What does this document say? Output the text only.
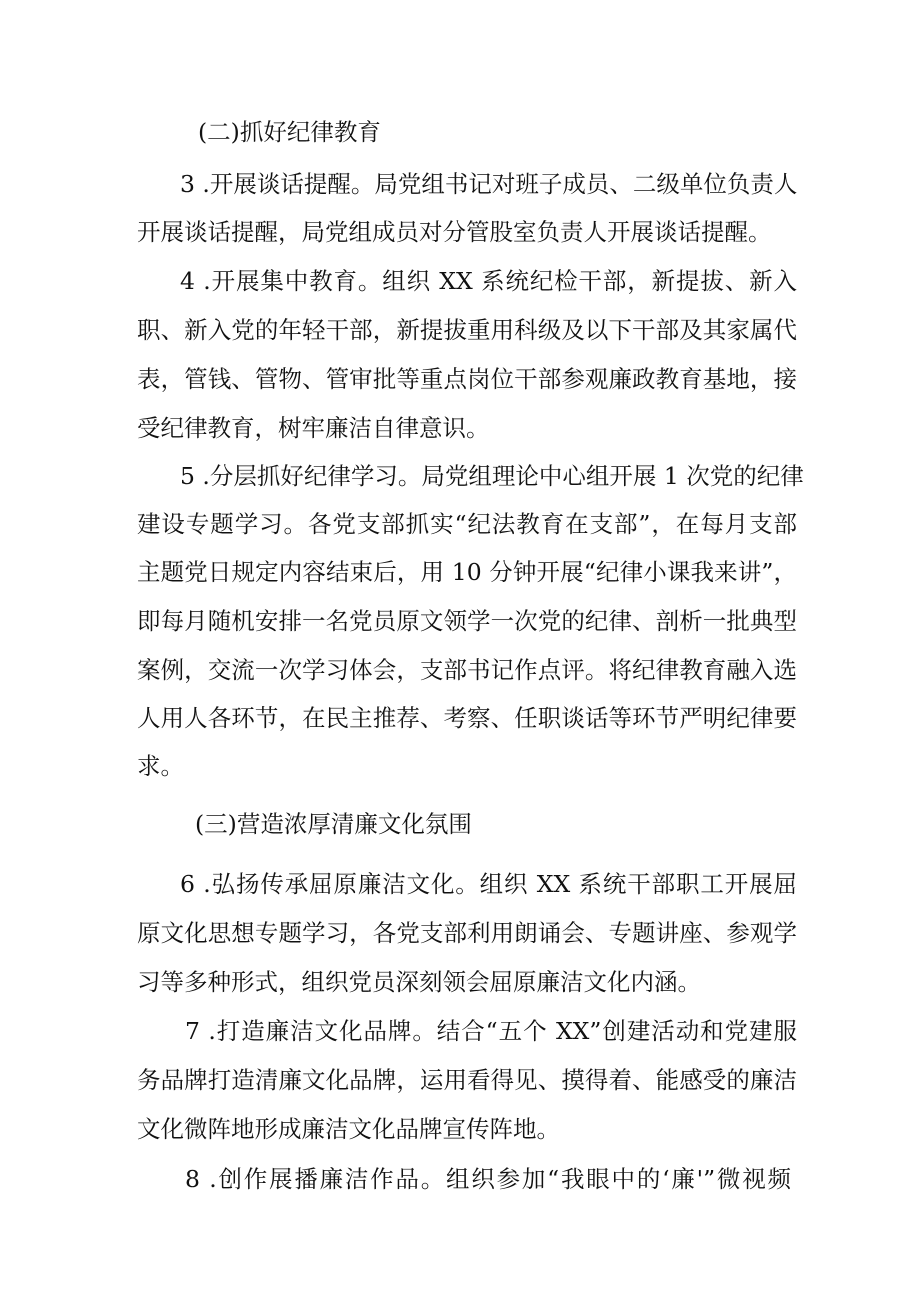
(二)抓好纪律教育
3 .开展谈话提醒。局党组书记对班子成员、二级单位负责人
开展谈话提醒，局党组成员对分管股室负责人开展谈话提醒。
4 .开展集中教育。组织 XX 系统纪检干部，新提拔、新入
职、新入党的年轻干部，新提拔重用科级及以下干部及其家属代
表，管钱、管物、管审批等重点岗位干部参观廉政教育基地，接
受纪律教育，树牢廉洁自律意识。
5 .分层抓好纪律学习。局党组理论中心组开展 1 次党的纪律
建设专题学习。各党支部抓实“纪法教育在支部”，在每月支部
主题党日规定内容结束后，用 10 分钟开展“纪律小课我来讲”，
即每月随机安排一名党员原文领学一次党的纪律、剖析一批典型
案例，交流一次学习体会，支部书记作点评。将纪律教育融入选
人用人各环节，在民主推荐、考察、任职谈话等环节严明纪律要
求。
(三)营造浓厚清廉文化氛围
6 .弘扬传承屈原廉洁文化。组织 XX 系统干部职工开展屈
原文化思想专题学习，各党支部利用朗诵会、专题讲座、参观学
习等多种形式，组织党员深刻领会屈原廉洁文化内涵。
7 .打造廉洁文化品牌。结合“五个 XX”创建活动和党建服
务品牌打造清廉文化品牌，运用看得见、摸得着、能感受的廉洁
文化微阵地形成廉洁文化品牌宣传阵地。
8 .创作展播廉洁作品。组织参加“我眼中的‘廉'”微视频
